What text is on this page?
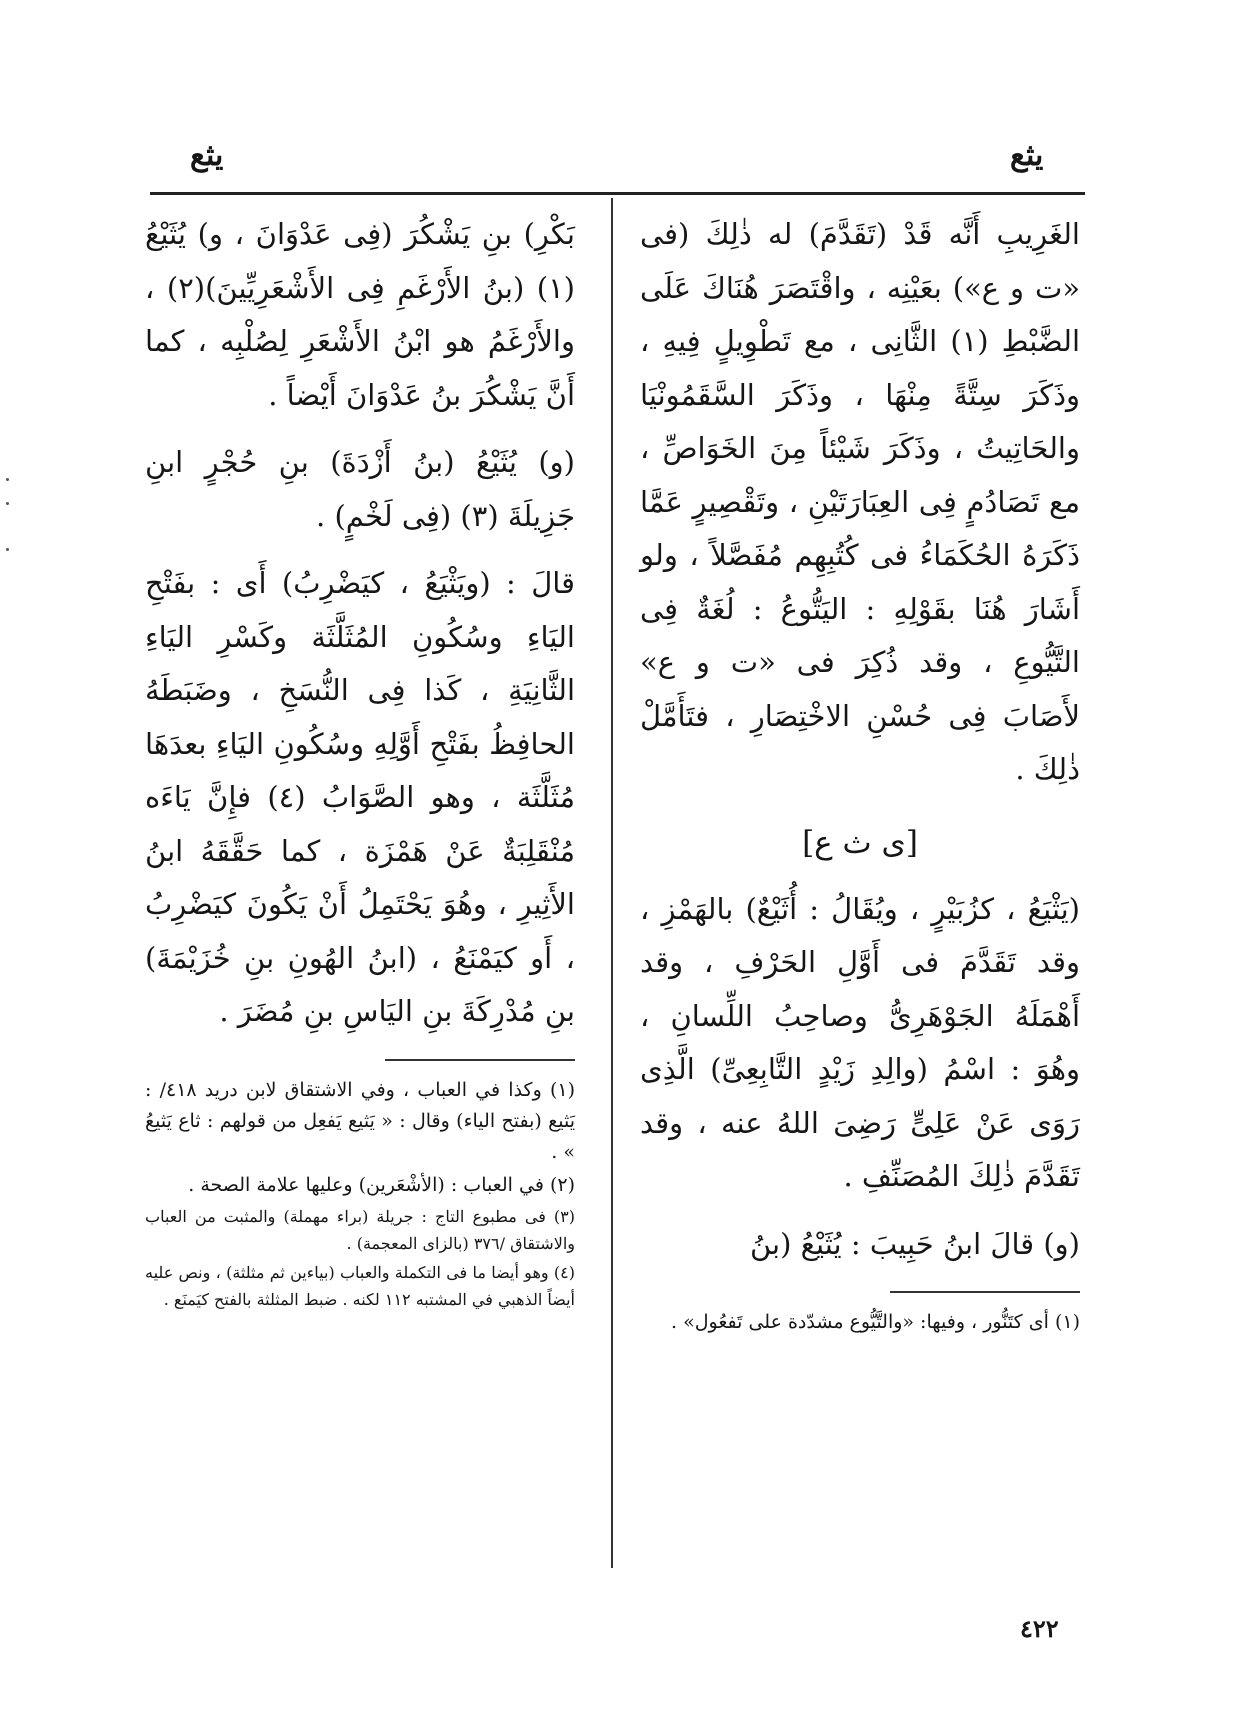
يثع
يثع

الغَرِيبِ أَنَّه قَدْ (تَقَدَّمَ) له ذٰلِكَ (فى «ت و ع») بعَيْنِه ، واقْتَصَرَ هُنَاكَ عَلَى الضَّبْطِ (١) الثَّانِى ، مع تَطْوِيلٍ فِيهِ ، وذَكَرَ سِتَّةً مِنْهَا ، وذَكَرَ السَّقَمُونْيَا والحَاتِيتُ ، وذَكَرَ شَيْئاً مِنَ الخَوَاصِّ ، مع تَصَادُمٍ فِى العِبَارَتَيْنِ ، وتَقْصِيرٍ عَمَّا ذَكَرَهُ الحُكَمَاءُ فى كُتُبِهِم مُفَصَّلاً ، ولو أَشَارَ هُنَا بقَوْلِهِ : اليَتُّوعُ : لُغَةٌ فِى التَّيُّوعِ ، وقد ذُكِرَ فى «ت و ع» لأَصَابَ فِى حُسْنِ الاخْتِصَارِ ، فتَأَمَّلْ ذٰلِكَ .

[ى ث ع]

(يَثْيَعُ ، كزُبَيْرٍ ، ويُقَالُ : أُثَيْعٌ) بالهَمْزِ ، وقد تَقَدَّمَ فى أَوَّلِ الحَرْفِ ، وقد أَهْمَلَهُ الجَوْهَرِىُّ وصاحِبُ اللِّسانِ ، وهُوَ : اسْمُ (والِدِ زَيْدٍ التَّابِعِىِّ) الَّذِى رَوَى عَنْ عَلِىٍّ رَضِىَ اللهُ عنه ، وقد تَقَدَّمَ ذٰلِكَ المُصَنِّفِ .

(و) قالَ ابنُ حَبِيبَ : يُثَيْعُ (بنُ

(١) أى كتَنُّور ، وفيها: «والتَّيُّوع مشدّدة على تَفعُول» .

بَكْرِ) بنِ يَشْكُرَ (فِى عَدْوَانَ ، و) يُثَيْعُ (١) (بنُ الأَرْغَمِ فِى الأَشْعَرِيِّينَ)(٢) ، والأَرْغَمُ هو ابْنُ الأَشْعَرِ لِصُلْبِه ، كما أَنَّ يَشْكُرَ بنُ عَدْوَانَ أَيْضاً .

(و) يُثَيْعُ (بنُ أَزْدَةَ) بنِ حُجْرٍ ابنِ جَزِيلَةَ (٣) (فِى لَخْمٍ) .

قالَ : (ويَثْيَعُ ، كيَضْرِبُ) أَى : بفَتْحِ اليَاءِ وسُكُونِ المُثَلَّثَة وكَسْرِ اليَاءِ الثَّانِيَةِ ، كَذا فِى النُّسَخِ ، وضَبَطَهُ الحافِظُ بفَتْحِ أَوَّلِهِ وسُكُونِ اليَاءِ بعدَهَا مُثَلَّثَة ، وهو الصَّوَابُ (٤) فإِنَّ يَاءَه مُنْقَلِبَةٌ عَنْ هَمْزَة ، كما حَقَّقَهُ ابنُ الأَثِيرِ ، وهُوَ يَحْتَمِلُ أَنْ يَكُونَ كيَضْرِبُ ، أَو كيَمْنَعُ ، (ابنُ الهُونِ بنِ خُزَيْمَةَ) بنِ مُدْرِكَةَ بنِ اليَاسِ بنِ مُضَرَ .

(١) وكذا في العباب ، وفي الاشتقاق لابن دريد ٤١٨/ : يَثيع (بفتح الياء) وقال : « يَثيع يَفعِل من قولهم : ثاع يَثيعُ » .

(٢) في العباب : (الأشْعَرين) وعليها علامة الصحة .

(٣) فى مطبوع التاج : جريلة (براء مهملة) والمثبت من العباب والاشتقاق /٣٧٦ (بالزاى المعجمة) .

(٤) وهو أيضا ما فى التكملة والعباب (بياءين ثم مثلثة) ، ونص عليه أيضاً الذهبي في المشتبه ١١٢ لكنه . ضبط المثلثة بالفتح كيَمنَع .

٤٢٢
